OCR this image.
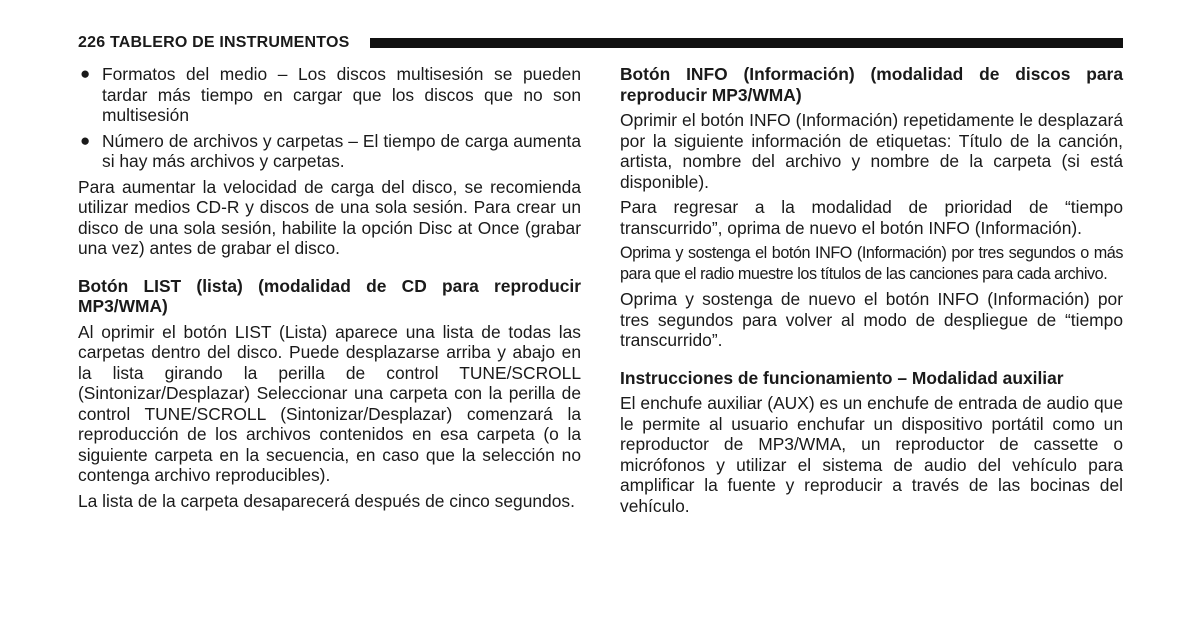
226 TABLERO DE INSTRUMENTOS
● Formatos del medio – Los discos multisesión se pueden tardar más tiempo en cargar que los discos que no son multisesión
● Número de archivos y carpetas – El tiempo de carga aumenta si hay más archivos y carpetas.

Para aumentar la velocidad de carga del disco, se recomienda utilizar medios CD-R y discos de una sola sesión. Para crear un disco de una sola sesión, habilite la opción Disc at Once (grabar una vez) antes de grabar el disco.

Botón LIST (lista) (modalidad de CD para reproducir MP3/WMA)

Al oprimir el botón LIST (Lista) aparece una lista de todas las carpetas dentro del disco. Puede desplazarse arriba y abajo en la lista girando la perilla de control TUNE/SCROLL (Sintonizar/Desplazar) Seleccionar una carpeta con la perilla de control TUNE/SCROLL (Sintonizar/Desplazar) comenzará la reproducción de los archivos contenidos en esa carpeta (o la siguiente carpeta en la secuencia, en caso que la selección no contenga archivo reproducibles).

La lista de la carpeta desaparecerá después de cinco segundos.

Botón INFO (Información) (modalidad de discos para reproducir MP3/WMA)

Oprimir el botón INFO (Información) repetidamente le desplazará por la siguiente información de etiquetas: Título de la canción, artista, nombre del archivo y nombre de la carpeta (si está disponible).

Para regresar a la modalidad de prioridad de “tiempo transcurrido”, oprima de nuevo el botón INFO (Información).

Oprima y sostenga el botón INFO (Información) por tres segundos o más para que el radio muestre los títulos de las canciones para cada archivo.

Oprima y sostenga de nuevo el botón INFO (Información) por tres segundos para volver al modo de despliegue de “tiempo transcurrido”.

Instrucciones de funcionamiento – Modalidad auxiliar

El enchufe auxiliar (AUX) es un enchufe de entrada de audio que le permite al usuario enchufar un dispositivo portátil como un reproductor de MP3/WMA, un reproductor de cassette o micrófonos y utilizar el sistema de audio del vehículo para amplificar la fuente y reproducir a través de las bocinas del vehículo.
